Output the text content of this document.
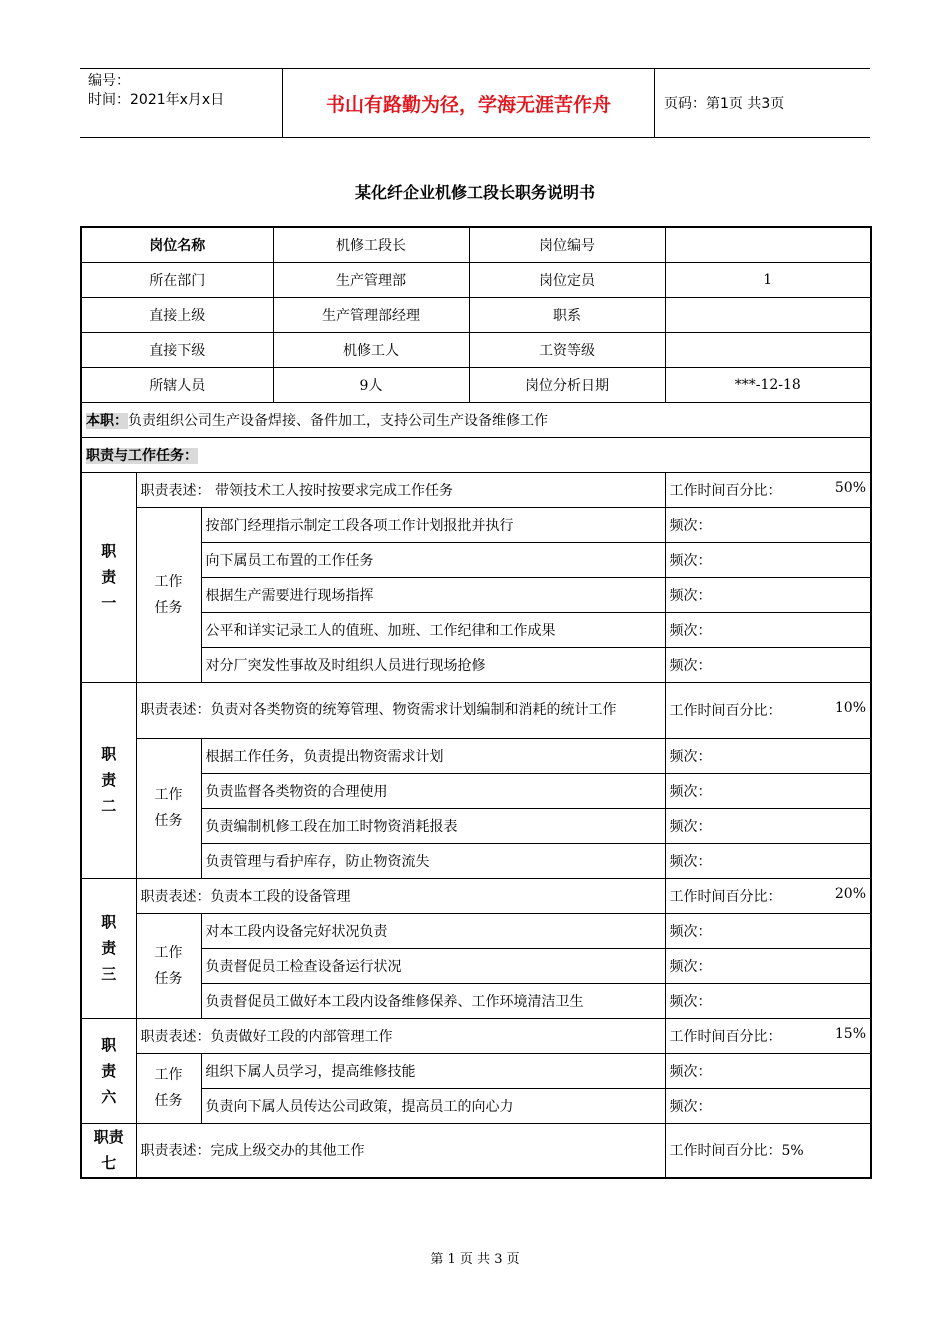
编号：
时间：2021年x月x日	书山有路勤为径，学海无涯苦作舟	页码：第1页 共3页
某化纤企业机修工段长职务说明书
岗位名称			机修工段长	岗位编号	
所在部门			生产管理部	岗位定员	1
直接上级			生产管理部经理	职系	
直接下级			机修工人	工资等级	
所辖人员			9人	岗位分析日期	***-12-18
本职：负责组织公司生产设备焊接、备件加工，支持公司生产设备维修工作					
职责与工作任务：					
职
责
一	职责表述： 带领技术工人按时按要求完成工作任务				工作时间百分比： 50%

	工作
任务	按部门经理指示制定工段各项工作计划报批并执行			频次：
		向下属员工布置的工作任务			频次：
		根据生产需要进行现场指挥			频次：
		公平和详实记录工人的值班、加班、工作纪律和工作成果			频次：
		对分厂突发性事故及时组织人员进行现场抢修			频次：
职
责
二	职责表述：负责对各类物资的统筹管理、物资需求计划编制和消耗的统计工作				工作时间百分比： 10%

	工作
任务	根据工作任务，负责提出物资需求计划			频次：
		负责监督各类物资的合理使用			频次：
		负责编制机修工段在加工时物资消耗报表			频次：
		负责管理与看护库存，防止物资流失			频次：
职
责
三	职责表述：负责本工段的设备管理				工作时间百分比： 20%

	工作
任务	对本工段内设备完好状况负责			频次：
		负责督促员工检查设备运行状况			频次：
		负责督促员工做好本工段内设备维修保养、工作环境清洁卫生			频次：
职
责
六	职责表述：负责做好工段的内部管理工作				工作时间百分比： 15%

	工作
任务	组织下属人员学习，提高维修技能			频次：
		负责向下属人员传达公司政策，提高员工的向心力			频次：
职责
七	职责表述：完成上级交办的其他工作				工作时间百分比：5%
第 1 页 共 3 页
